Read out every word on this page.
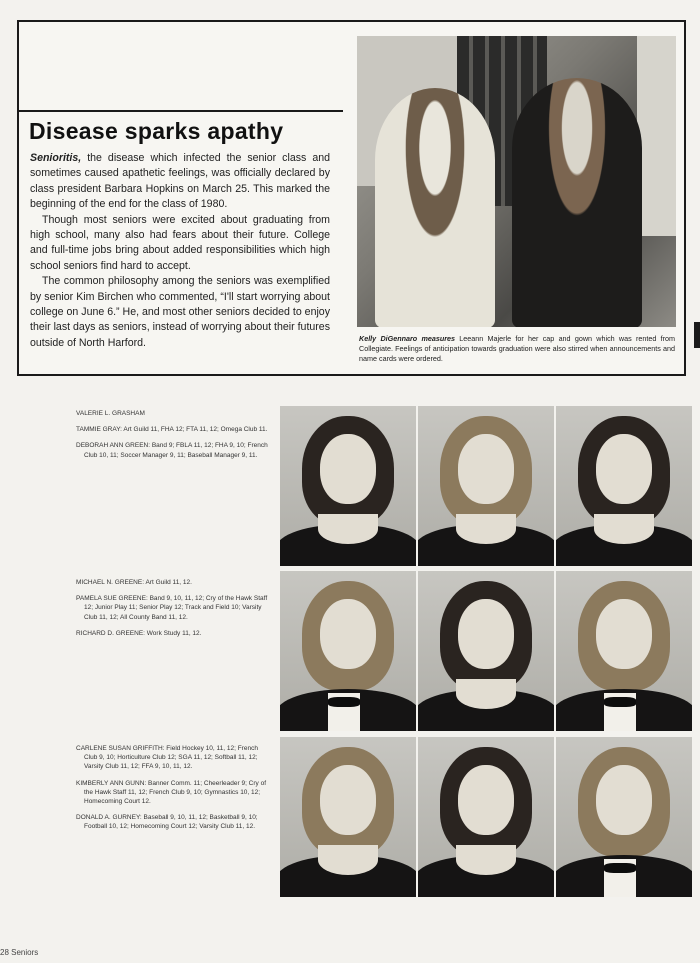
Disease sparks apathy

Senioritis, the disease which infected the senior class and sometimes caused apathetic feelings, was officially declared by class president Barbara Hopkins on March 25. This marked the beginning of the end for the class of 1980.

Though most seniors were excited about graduating from high school, many also had fears about their future. College and full-time jobs bring about added responsibilities which high school seniors find hard to accept.

The common philosophy among the seniors was exemplified by senior Kim Birchen who commented, “I'll start worrying about college on June 6.” He, and most other seniors decided to enjoy their last days as seniors, instead of worrying about their futures outside of North Harford.	Kelly DiGennaro measures Leeann Majerle for her cap and gown which was rented from Collegiate. Feelings of anticipation towards graduation were also stirred when announcements and name cards were ordered.
VALERIE L. GRASHAM
TAMMIE GRAY: Art Guild 11, FHA 12; FTA 11, 12; Omega Club 11.
DEBORAH ANN GREEN: Band 9; FBLA 11, 12; FHA 9, 10; French Club 10, 11; Soccer Manager 9, 11; Baseball Manager 9, 11.
MICHAEL N. GREENE: Art Guild 11, 12.
PAMELA SUE GREENE: Band 9, 10, 11, 12; Cry of the Hawk Staff 12; Junior Play 11; Senior Play 12; Track and Field 10; Varsity Club 11, 12; All County Band 11, 12.
RICHARD D. GREENE: Work Study 11, 12.
CARLENE SUSAN GRIFFITH: Field Hockey 10, 11, 12; French Club 9, 10; Horticulture Club 12; SGA 11, 12; Softball 11, 12; Varsity Club 11, 12; FFA 9, 10, 11, 12.
KIMBERLY ANN GUNN: Banner Comm. 11; Cheerleader 9; Cry of the Hawk Staff 11, 12; French Club 9, 10; Gymnastics 10, 12; Homecoming Court 12.
DONALD A. GURNEY: Baseball 9, 10, 11, 12; Basketball 9, 10; Football 10, 12; Homecoming Court 12; Varsity Club 11, 12.
28 Seniors
